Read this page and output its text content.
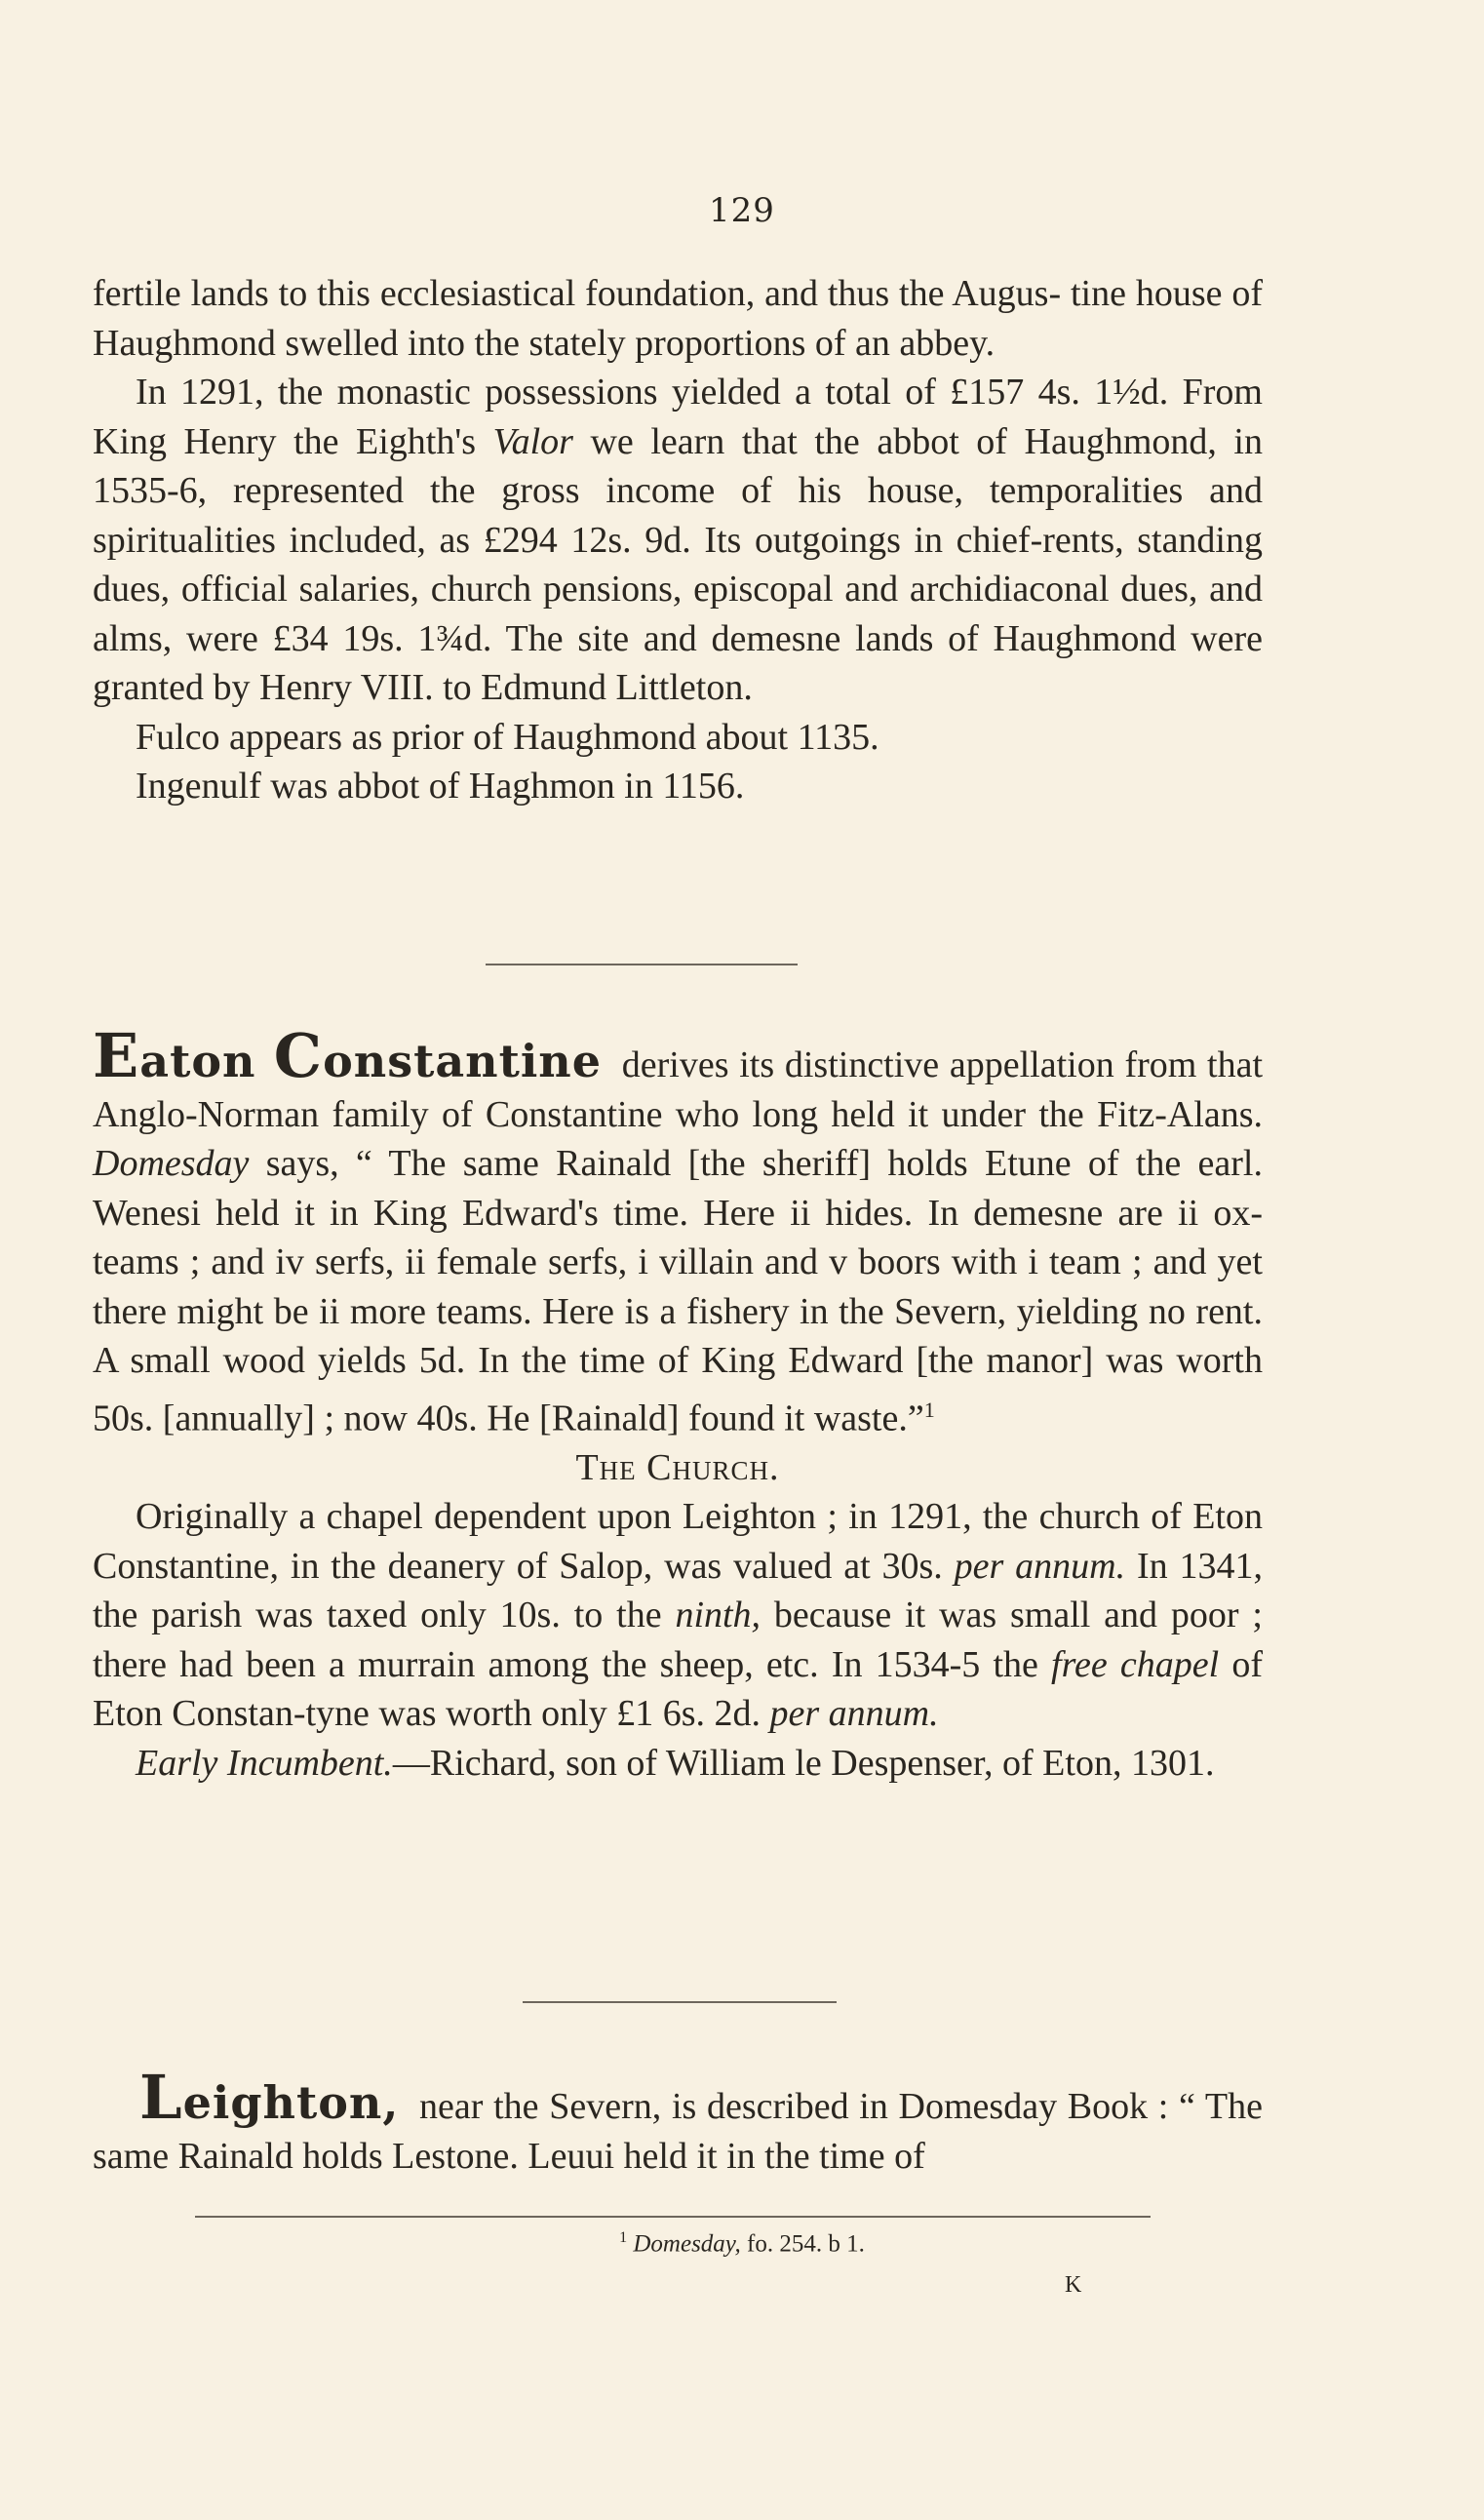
129

fertile lands to this ecclesiastical foundation, and thus the Augus- tine house of Haughmond swelled into the stately proportions of an abbey.

In 1291, the monastic possessions yielded a total of £157 4s. 1½d. From King Henry the Eighth's Valor we learn that the abbot of Haughmond, in 1535-6, represented the gross income of his house, temporalities and spiritualities included, as £294 12s. 9d. Its outgoings in chief-rents, standing dues, official salaries, church pensions, episcopal and archidiaconal dues, and alms, were £34 19s. 1¾d. The site and demesne lands of Haughmond were granted by Henry VIII. to Edmund Littleton.

Fulco appears as prior of Haughmond about 1135.

Ingenulf was abbot of Haghmon in 1156.

Eaton Constantine derives its distinctive appellation from that Anglo-Norman family of Constantine who long held it under the Fitz-Alans. Domesday says, “ The same Rainald [the sheriff] holds Etune of the earl. Wenesi held it in King Edward's time. Here ii hides. In demesne are ii ox-teams ; and iv serfs, ii female serfs, i villain and v boors with i team ; and yet there might be ii more teams. Here is a fishery in the Severn, yielding no rent. A small wood yields 5d. In the time of King Edward [the manor] was worth 50s. [annually] ; now 40s. He [Rainald] found it waste.”$^1$

The Church.

Originally a chapel dependent upon Leighton ; in 1291, the church of Eton Constantine, in the deanery of Salop, was valued at 30s. per annum. In 1341, the parish was taxed only 10s. to the ninth, because it was small and poor ; there had been a murrain among the sheep, etc. In 1534-5 the free chapel of Eton Constan-tyne was worth only £1 6s. 2d. per annum.

Early Incumbent.—Richard, son of William le Despenser, of Eton, 1301.

Leighton, near the Severn, is described in Domesday Book : “ The same Rainald holds Lestone. Leuui held it in the time of

$^1$ Domesday, fo. 254. b 1.
K
